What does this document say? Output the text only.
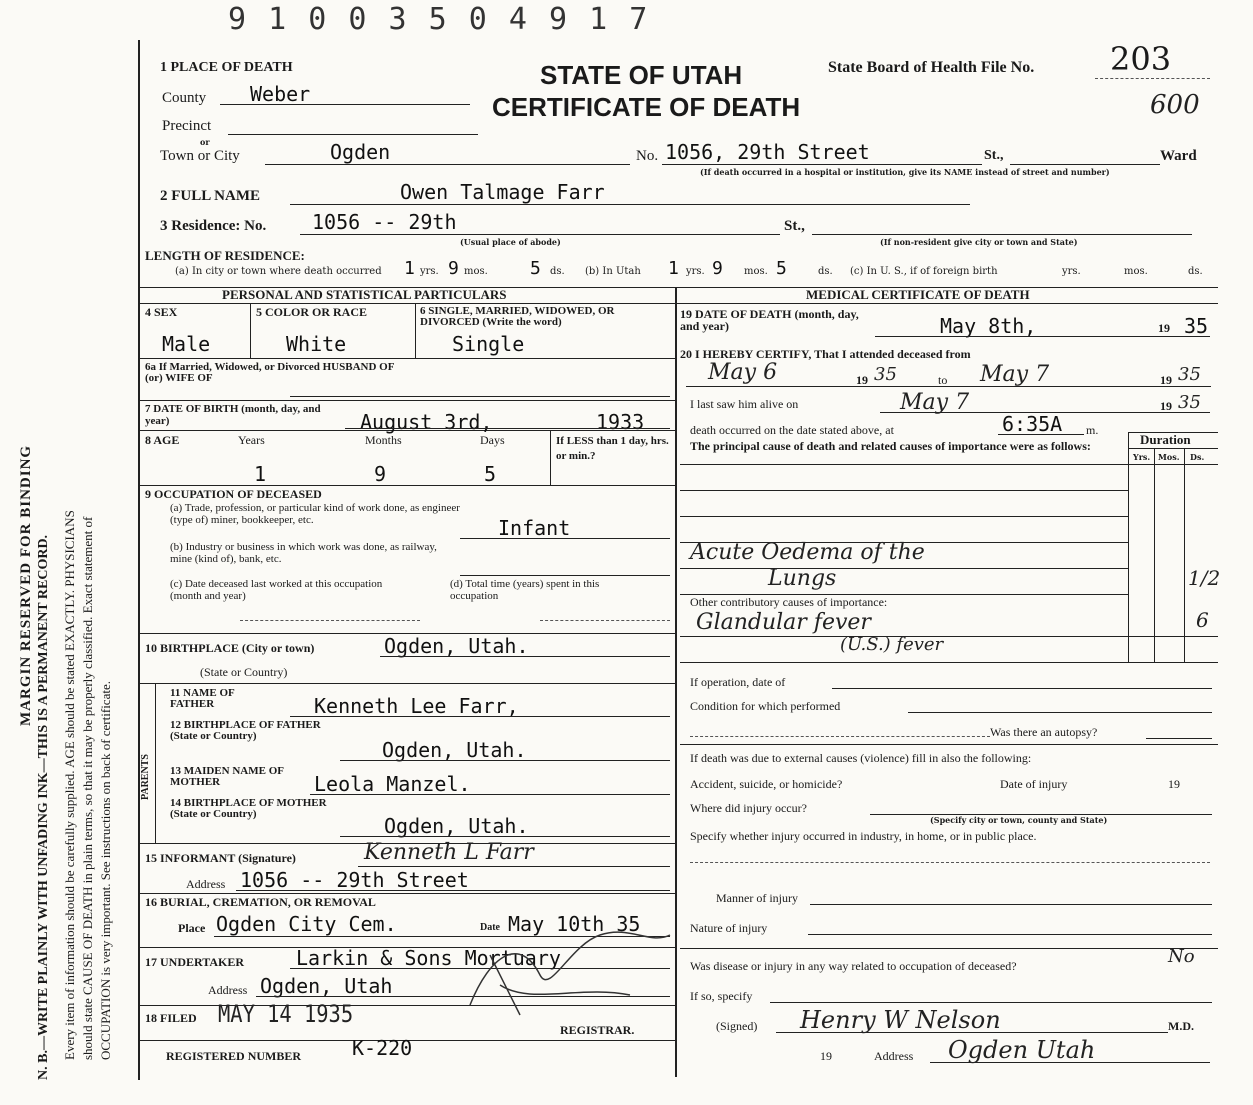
9 1 0 0 3 5 0 4 9 1 7
MARGIN RESERVED FOR BINDING N. B.—WRITE PLAINLY WITH UNFADING INK—THIS IS A PERMANENT RECORD. Every item of information should be carefully supplied. AGE should be stated EXACTLY. PHYSICIANS should state CAUSE OF DEATH in plain terms, so that it may be properly classified. Exact statement of OCCUPATION is very important. See instructions on back of certificate.
STATE OF UTAH
CERTIFICATE OF DEATH
State Board of Health File No. 203
600
1 PLACE OF DEATH
County Weber
Precinct
or
Town or City	Ogden	No. 1056, 29th Street	St.,	Ward
(If death occurred in a hospital or institution, give its NAME instead of street and number)
2 FULL NAME	Owen Talmage Farr
3 Residence: No. 1056 -- 29th	St.,
(Usual place of abode)	(If non-resident give city or town and State)
LENGTH OF RESIDENCE:
(a) In city or town where death occurred 1 yrs. 9 mos. 5 ds. (b) In Utah 1 yrs. 9 mos. 5	ds. (c) In U. S., if of foreign birth	yrs.	mos.	ds.
PERSONAL AND STATISTICAL PARTICULARS	MEDICAL CERTIFICATE OF DEATH
4 SEX
Male
5 COLOR OR RACE
White
6 SINGLE, MARRIED, WIDOWED, OR DIVORCED (Write the word)
Single
6a If Married, Widowed, or Divorced HUSBAND OF (or) WIFE OF
7 DATE OF BIRTH (month, day, and year)	August 3rd,	1933
8 AGE	Years	Months	Days	If LESS than 1 day, hrs. or min.?
1	9	5
9 OCCUPATION OF DECEASED
(a) Trade, profession, or particular kind of work done, as engineer (type of) miner, bookkeeper, etc.	Infant
(b) Industry or business in which work was done, as railway, mine (kind of), bank, etc.
(c) Date deceased last worked at this occupation (month and year)
(d) Total time (years) spent in this occupation
10 BIRTHPLACE (City or town)	Ogden, Utah.
(State or Country)
PARENTS
11 NAME OF FATHER	Kenneth Lee Farr,
12 BIRTHPLACE OF FATHER (State or Country)
Ogden, Utah.
13 MAIDEN NAME OF MOTHER	Leola Manzel.
14 BIRTHPLACE OF MOTHER (State or Country)	Ogden, Utah.
15 INFORMANT (Signature)	Kenneth L Farr
Address 1056 -- 29th Street
16 BURIAL, CREMATION, OR REMOVAL
Place Ogden City Cem.	Date May 10th 35
17 UNDERTAKER	Larkin & Sons Mortuary
Address Ogden, Utah
18 FILED MAY 14 1935
REGISTRAR.
K-220
REGISTERED NUMBER
19 DATE OF DEATH (month, day, and year)	May 8th,	19 35
20 I HEREBY CERTIFY, That I attended deceased from
May 6	19 35	to May 7	19 35
I last saw him alive on	May 7	19 35
death occurred on the date stated above, at	6:35A m.
The principal cause of death and related causes of importance were as follows:	Duration
Yrs. Mos. Ds.
Acute Oedema of the
Lungs	1/2
Other contributory causes of importance:
Glandular fever	6
(U.S.) fever
If operation, date of
Condition for which performed
Was there an autopsy?
If death was due to external causes (violence) fill in also the following:
Accident, suicide, or homicide?	Date of injury	19
Where did injury occur?
(Specify city or town, county and State)
Specify whether injury occurred in industry, in home, or in public place.
Manner of injury
Nature of injury
Was disease or injury in any way related to occupation of deceased?	No
If so, specify
(Signed) Henry W Nelson	M.D.
19	Address Ogden Utah
